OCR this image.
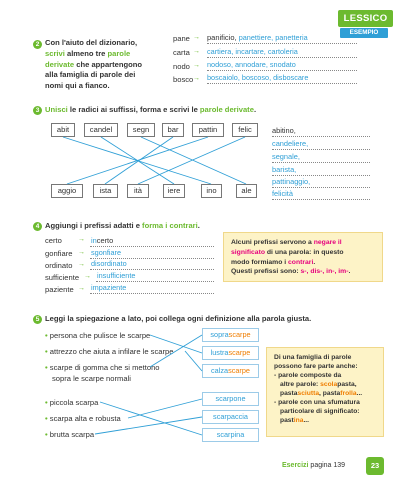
LESSICO
ESEMPIO
2 Con l'aiuto del dizionario, scrivi almeno tre parole derivate che appartengono alla famiglia di parole dei nomi qui a fianco.
pane → panificio, panettiere, panetteria
carta → cartiera, incartare, cartoleria
nodo → nodoso, annodare, snodato
bosco → boscaiolo, boscoso, disboscare
3 Unisci le radici ai suffissi, forma e scrivi le parole derivate.
abit	candel	segn	bar	pattin	felic
aggio	ista	ità	iere	ino	ale
abitino,
candeliere,
segnale,
barista,
pattinaggio,
felicità
4 Aggiungi i prefissi adatti e forma i contrari.
certo → incerto
gonfiare → sgonfiare
ordinato → disordinato
sufficiente → insufficiente
paziente → impaziente
Alcuni prefissi servono a negare il
significato di una parola: in questo
modo formiamo i contrari.
Questi prefissi sono: s-, dis-, in-, im-.
5 Leggi la spiegazione a lato, poi collega ogni definizione alla parola giusta.
• persona che pulisce le scarpe
• attrezzo che aiuta a infilare le scarpe
• scarpe di gomma che si mettono
sopra le scarpe normali
soprascarpe
lustrascarpe
calzascarpe
• piccola scarpa
• scarpa alta e robusta
• brutta scarpa
scarpone
scarpaccia
scarpina
Di una famiglia di parole
possono fare parte anche:
- parole composte da
altre parole: scolapasta,
pastasciutta, pastafrolla...
- parole con una sfumatura
particolare di significato:
pastina...
Esercizi pagina 139	23
